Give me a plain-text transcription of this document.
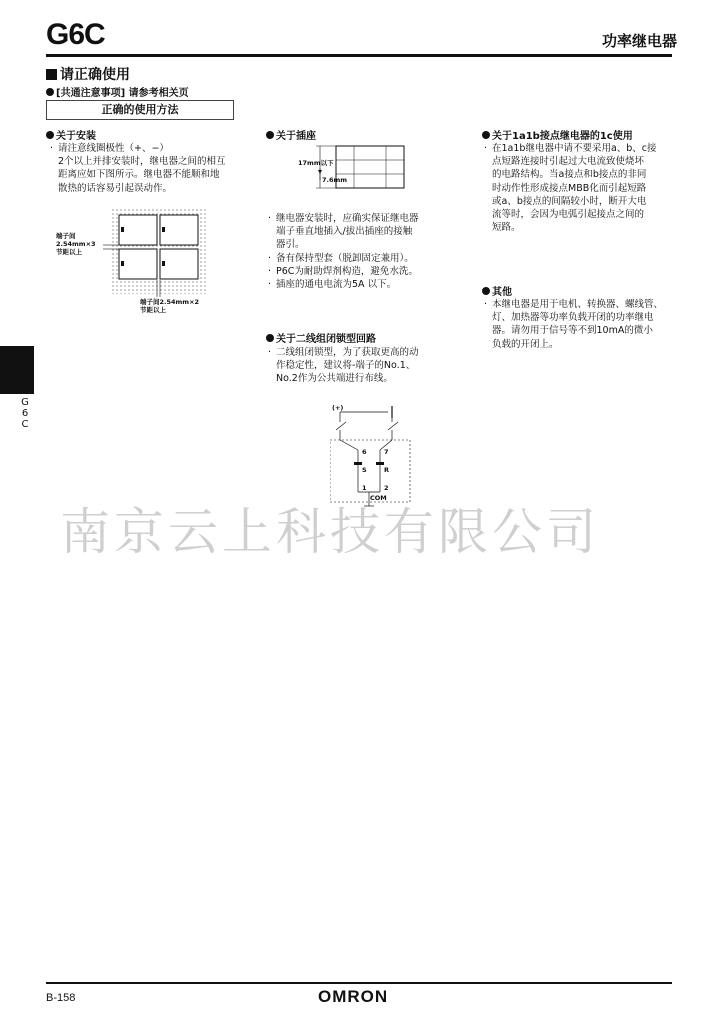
G6C	功率继电器
请正确使用
[共通注意事项] 请参考相关页
正确的使用方法
关于安装
· 请注意线圈极性（+、−）
2个以上并排安装时，继电器之间的相互
距离应如下图所示。继电器不能顺和地
散热的话容易引起误动作。
端子间
2.54mm×3
节距以上
端子间2.54mm×2
节距以上
关于插座
17mm以下
7.6mm
· 继电器安装时，应确实保证继电器
端子垂直地插入/拔出插座的接触
器引。
· 备有保持型套（脱卸固定兼用）。
· P6C为耐助焊剂构造，避免水洗。
· 插座的通电电流为5A 以下。
关于二线组闭锁型回路
· 二线组闭锁型，为了获取更高的动
作稳定性，建议将-端子的No.1、
No.2作为公共端进行布线。
(+)
6	7
S	R
1	2
COM
关于1a1b接点继电器的1c使用
· 在1a1b继电器中请不要采用a、b、c接
点短路连接时引起过大电流致使烧坏
的电路结构。当a接点和b接点的非同
时动作性形成接点MBB化而引起短路
或a、b接点的间隔较小时，断开大电
流等时，会因为电弧引起接点之间的
短路。
其他
· 本继电器是用于电机、转换器、螺线管、
灯、加热器等功率负载开闭的功率继电
器。请勿用于信号等不到10mA的微小
负载的开闭上。
G
6
C
南京云上科技有限公司
B-158	OMRON
